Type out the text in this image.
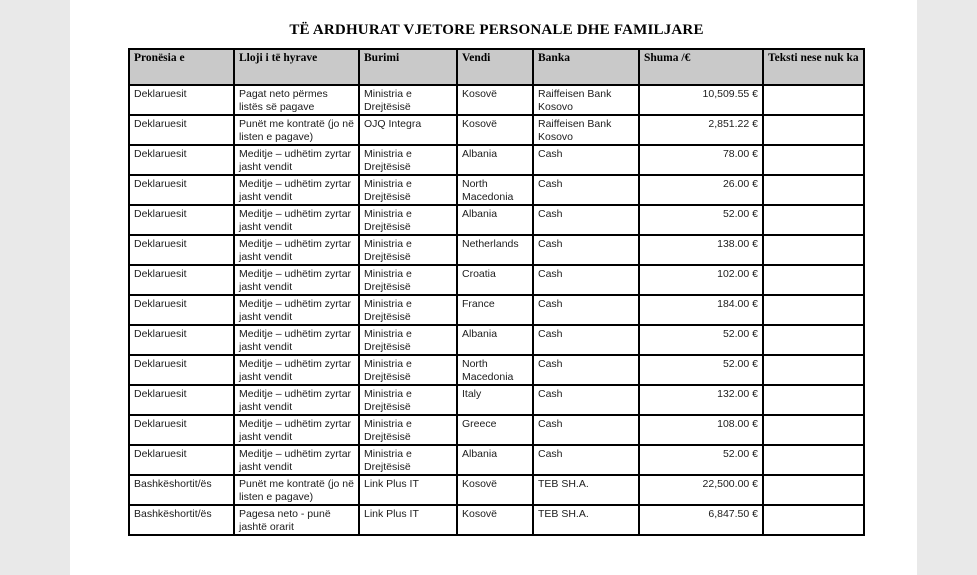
TË ARDHURAT VJETORE PERSONALE DHE FAMILJARE
Pronësia e	Lloji i të hyrave	Burimi	Vendi	Banka	Shuma /€	Teksti nese nuk ka
Deklaruesit	Pagat neto përmes listës së pagave	Ministria e Drejtësisë	Kosovë	Raiffeisen Bank Kosovo	10,509.55 €	
Deklaruesit	Punët me kontratë (jo në listen e pagave)	OJQ Integra	Kosovë	Raiffeisen Bank Kosovo	2,851.22 €	
Deklaruesit	Meditje – udhëtim zyrtar jasht vendit	Ministria e Drejtësisë	Albania	Cash	78.00 €	
Deklaruesit	Meditje – udhëtim zyrtar jasht vendit	Ministria e Drejtësisë	North Macedonia	Cash	26.00 €	
Deklaruesit	Meditje – udhëtim zyrtar jasht vendit	Ministria e Drejtësisë	Albania	Cash	52.00 €	
Deklaruesit	Meditje – udhëtim zyrtar jasht vendit	Ministria e Drejtësisë	Netherlands	Cash	138.00 €	
Deklaruesit	Meditje – udhëtim zyrtar jasht vendit	Ministria e Drejtësisë	Croatia	Cash	102.00 €	
Deklaruesit	Meditje – udhëtim zyrtar jasht vendit	Ministria e Drejtësisë	France	Cash	184.00 €	
Deklaruesit	Meditje – udhëtim zyrtar jasht vendit	Ministria e Drejtësisë	Albania	Cash	52.00 €	
Deklaruesit	Meditje – udhëtim zyrtar jasht vendit	Ministria e Drejtësisë	North Macedonia	Cash	52.00 €	
Deklaruesit	Meditje – udhëtim zyrtar jasht vendit	Ministria e Drejtësisë	Italy	Cash	132.00 €	
Deklaruesit	Meditje – udhëtim zyrtar jasht vendit	Ministria e Drejtësisë	Greece	Cash	108.00 €	
Deklaruesit	Meditje – udhëtim zyrtar jasht vendit	Ministria e Drejtësisë	Albania	Cash	52.00 €	
Bashkëshortit/ës	Punët me kontratë (jo në listen e pagave)	Link Plus IT	Kosovë	TEB SH.A.	22,500.00 €	
Bashkëshortit/ës	Pagesa neto - punë jashtë orarit	Link Plus IT	Kosovë	TEB SH.A.	6,847.50 €	
